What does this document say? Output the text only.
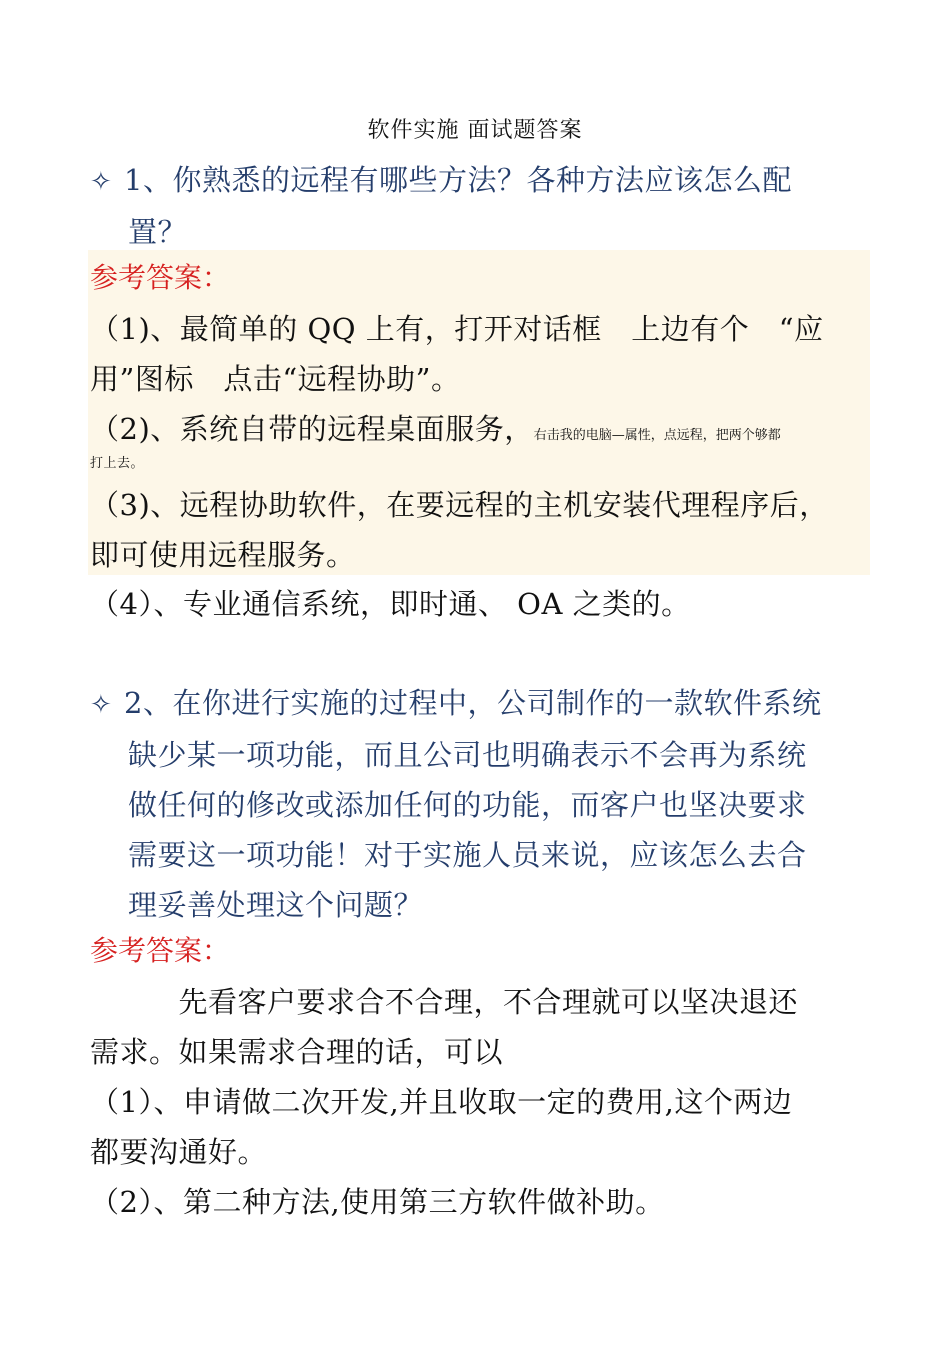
软件实施 面试题答案
✧ 1、你熟悉的远程有哪些方法？各种方法应该怎么配
置？
参考答案：
（1)、最简单的 QQ 上有，打开对话框　上边有个　“应
用”图标　点击“远程协助”。
（2)、系统自带的远程桌面服务，右击我的电脑—属性，点远程，把两个够都
打上去。
（3)、远程协助软件，在要远程的主机安装代理程序后，
即可使用远程服务。
（4）、专业通信系统，即时通、 OA 之类的。
✧ 2、在你进行实施的过程中，公司制作的一款软件系统
缺少某一项功能，而且公司也明确表示不会再为系统
做任何的修改或添加任何的功能，而客户也坚决要求
需要这一项功能！对于实施人员来说，应该怎么去合
理妥善处理这个问题？
参考答案：
　　　先看客户要求合不合理，不合理就可以坚决退还
需求。如果需求合理的话，可以
（1）、申请做二次开发,并且收取一定的费用,这个两边
都要沟通好。
（2）、第二种方法,使用第三方软件做补助。
